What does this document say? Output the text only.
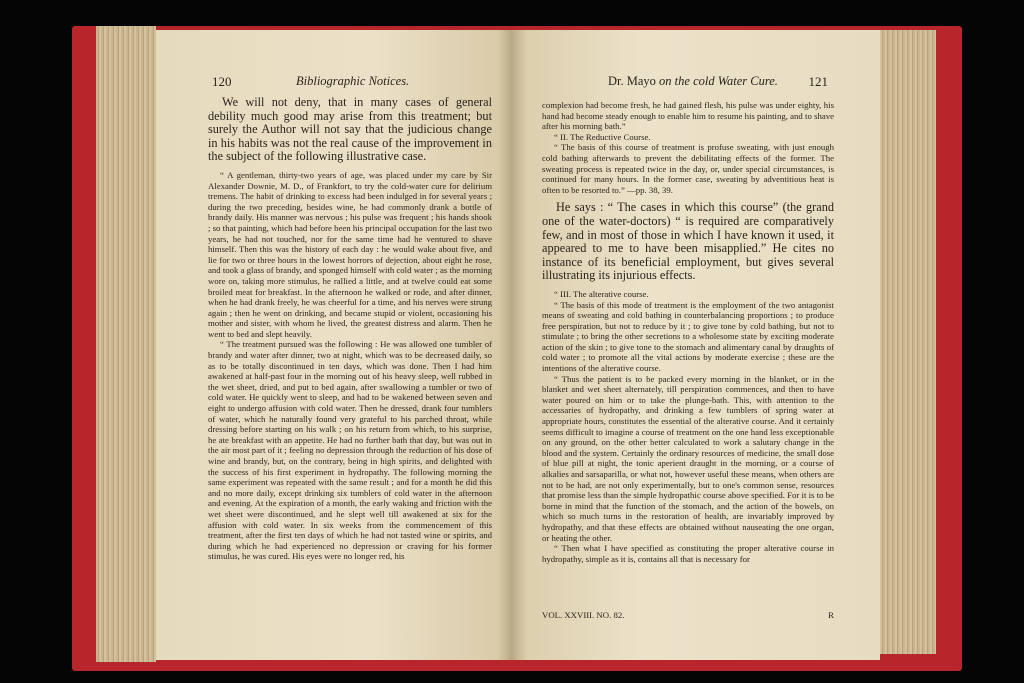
120	Bibliographic Notices.

We will not deny, that in many cases of general debility much good may arise from this treatment; but surely the Author will not say that the judicious change in his habits was not the real cause of the improvement in the subject of the following illustrative case.

“ A gentleman, thirty-two years of age, was placed under my care by Sir Alexander Downie, M. D., of Frankfort, to try the cold-water cure for delirium tremens. The habit of drinking to excess had been indulged in for several years ; during the two preceding, besides wine, he had commonly drank a bottle of brandy daily. His manner was nervous ; his pulse was frequent ; his hands shook ; so that painting, which had before been his principal occupation for the last two years, he had not touched, nor for the same time had he ventured to shave himself. Then this was the history of each day : he would wake about five, and lie for two or three hours in the lowest horrors of dejection, about eight he rose, and took a glass of brandy, and sponged himself with cold water ; as the morning wore on, taking more stimulus, he rallied a little, and at twelve could eat some broiled meat for breakfast. In the afternoon he walked or rode, and after dinner, when he had drank freely, he was cheerful for a time, and his nerves were strung again ; then he went on drinking, and became stupid or violent, occasioning his mother and sister, with whom he lived, the greatest distress and alarm. Then he went to bed and slept heavily.

“ The treatment pursued was the following : He was allowed one tumbler of brandy and water after dinner, two at night, which was to be decreased daily, so as to be totally discontinued in ten days, which was done. Then I had him awakened at half-past four in the morning out of his heavy sleep, well rubbed in the wet sheet, dried, and put to bed again, after swallowing a tumbler or two of cold water. He quickly went to sleep, and had to be wakened between seven and eight to undergo affusion with cold water. Then he dressed, drank four tumblers of water, which he naturally found very grateful to his parched throat, while dressing before starting on his walk ; on his return from which, to his surprise, he ate breakfast with an appetite. He had no further bath that day, but was out in the air most part of it ; feeling no depression through the reduction of his dose of wine and brandy, but, on the contrary, being in high spirits, and delighted with the success of his first experiment in hydropathy. The following morning the same experiment was repeated with the same result ; and for a month he did this and no more daily, except drinking six tumblers of cold water in the afternoon and evening. At the expiration of a month, the early waking and friction with the wet sheet were discontinued, and he slept well till awakened at six for the affusion with cold water. In six weeks from the commencement of this treatment, after the first ten days of which he had not tasted wine or spirits, and during which he had experienced no depression or craving for his former stimulus, he was cured. His eyes were no longer red, his

Dr. Mayo on the cold Water Cure. 121

complexion had become fresh, he had gained flesh, his pulse was under eighty, his hand had become steady enough to enable him to resume his painting, and to shave after his morning bath.”

“ II. The Reductive Course.

“ The basis of this course of treatment is profuse sweating, with just enough cold bathing afterwards to prevent the debilitating effects of the former. The sweating process is repeated twice in the day, or, under special circumstances, is continued for many hours. In the former case, sweating by adventitious heat is often to be resorted to.” —pp. 38, 39.

He says : “ The cases in which this course” (the grand one of the water-doctors) “ is required are comparatively few, and in most of those in which I have known it used, it appeared to me to have been misapplied.” He cites no instance of its beneficial employment, but gives several illustrating its injurious effects.

“ III. The alterative course.

“ The basis of this mode of treatment is the employment of the two antagonist means of sweating and cold bathing in counterbalancing proportions ; to produce free perspiration, but not to reduce by it ; to give tone by cold bathing, but not to stimulate ; to bring the other secretions to a wholesome state by exciting moderate action of the skin ; to give tone to the stomach and alimentary canal by draughts of cold water ; to promote all the vital actions by moderate exercise ; these are the intentions of the alterative course.

“ Thus the patient is to be packed every morning in the blanket, or in the blanket and wet sheet alternately, till perspiration commences, and then to have water poured on him or to take the plunge-bath. This, with attention to the accessaries of hydropathy, and drinking a few tumblers of spring water at appropriate hours, constitutes the essential of the alterative course. And it certainly seems difficult to imagine a course of treatment on the one hand less exceptionable on any ground, on the other better calculated to work a salutary change in the blood and the system. Certainly the ordinary resources of medicine, the small dose of blue pill at night, the tonic aperient draught in the morning, or a course of alkalies and sarsaparilla, or what not, however useful these means, when others are not to be had, are not only experimentally, but to one's common sense, resources that promise less than the simple hydropathic course above specified. For it is to be borne in mind that the function of the stomach, and the action of the bowels, on which so much turns in the restoration of health, are invariably improved by hydropathy, and that these effects are obtained without nauseating the one organ, or heating the other.

“ Then what I have specified as constituting the proper alterative course in hydropathy, simple as it is, contains all that is necessary for

VOL. XXVIII. NO. 82.	R
